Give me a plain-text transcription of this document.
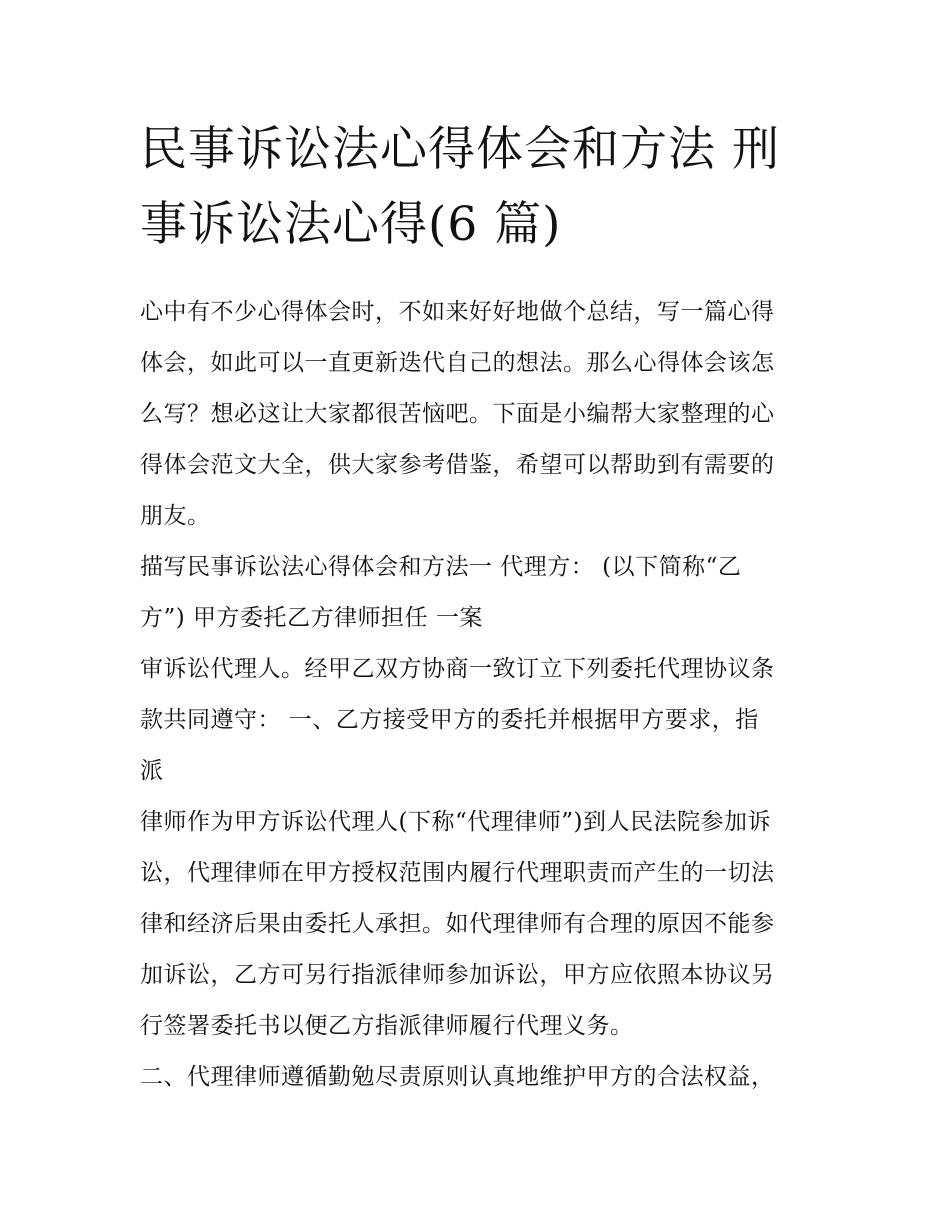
民事诉讼法心得体会和方法 刑
事诉讼法心得(6 篇)

心中有不少心得体会时，不如来好好地做个总结，写一篇心得
体会，如此可以一直更新迭代自己的想法。那么心得体会该怎
么写？想必这让大家都很苦恼吧。下面是小编帮大家整理的心
得体会范文大全，供大家参考借鉴，希望可以帮助到有需要的
朋友。

描写民事诉讼法心得体会和方法一 代理方： (以下简称“乙
方”) 甲方委托乙方律师担任 一案

审诉讼代理人。经甲乙双方协商一致订立下列委托代理协议条
款共同遵守： 一、乙方接受甲方的委托并根据甲方要求，指
派

律师作为甲方诉讼代理人(下称“代理律师”)到人民法院参加诉
讼，代理律师在甲方授权范围内履行代理职责而产生的一切法
律和经济后果由委托人承担。如代理律师有合理的原因不能参
加诉讼，乙方可另行指派律师参加诉讼，甲方应依照本协议另
行签署委托书以便乙方指派律师履行代理义务。

二、代理律师遵循勤勉尽责原则认真地维护甲方的合法权益，
